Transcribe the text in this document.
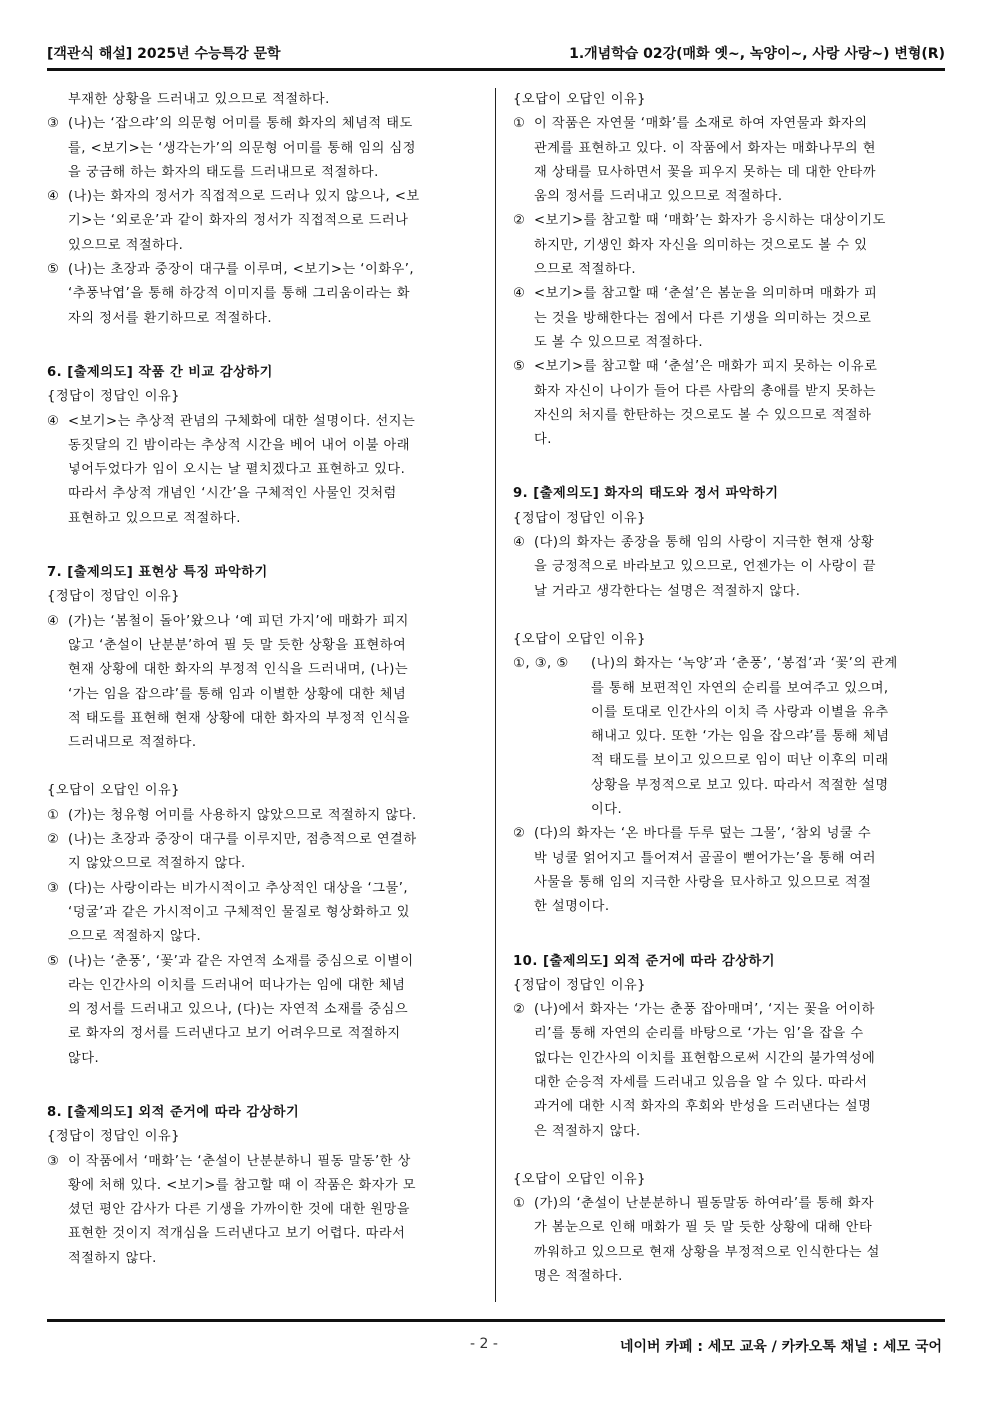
[객관식 해설] 2025년 수능특강 문학	1.개념학습 02강(매화 옛~, 녹양이~, 사랑 사랑~) 변형(R)
부재한 상황을 드러내고 있으므로 적절하다.
③ (나)는 ‘잡으랴’의 의문형 어미를 통해 화자의 체념적 태도
를, <보기>는 ‘생각는가’의 의문형 어미를 통해 임의 심정
을 궁금해 하는 화자의 태도를 드러내므로 적절하다.
④ (나)는 화자의 정서가 직접적으로 드러나 있지 않으나, <보
기>는 ‘외로운’과 같이 화자의 정서가 직접적으로 드러나
있으므로 적절하다.
⑤ (나)는 초장과 중장이 대구를 이루며, <보기>는 ‘이화우’,
‘추풍낙엽’을 통해 하강적 이미지를 통해 그리움이라는 화
자의 정서를 환기하므로 적절하다.
6. [출제의도] 작품 간 비교 감상하기
{정답이 정답인 이유}
④ <보기>는 추상적 관념의 구체화에 대한 설명이다. 선지는
동짓달의 긴 밤이라는 추상적 시간을 베어 내어 이불 아래
넣어두었다가 임이 오시는 날 펼치겠다고 표현하고 있다.
따라서 추상적 개념인 ‘시간’을 구체적인 사물인 것처럼
표현하고 있으므로 적절하다.
7. [출제의도] 표현상 특징 파악하기
{정답이 정답인 이유}
④ (가)는 ‘봄철이 돌아’왔으나 ‘예 피던 가지’에 매화가 피지
않고 ‘춘설이 난분분’하여 필 듯 말 듯한 상황을 표현하여
현재 상황에 대한 화자의 부정적 인식을 드러내며, (나)는
‘가는 임을 잡으랴’를 통해 임과 이별한 상황에 대한 체념
적 태도를 표현해 현재 상황에 대한 화자의 부정적 인식을
드러내므로 적절하다.
{오답이 오답인 이유}
① (가)는 청유형 어미를 사용하지 않았으므로 적절하지 않다.
② (나)는 초장과 중장이 대구를 이루지만, 점층적으로 연결하
지 않았으므로 적절하지 않다.
③ (다)는 사랑이라는 비가시적이고 추상적인 대상을 ‘그물’,
‘덩굴’과 같은 가시적이고 구체적인 물질로 형상화하고 있
으므로 적절하지 않다.
⑤ (나)는 ‘춘풍’, ‘꽃’과 같은 자연적 소재를 중심으로 이별이
라는 인간사의 이치를 드러내어 떠나가는 임에 대한 체념
의 정서를 드러내고 있으나, (다)는 자연적 소재를 중심으
로 화자의 정서를 드러낸다고 보기 어려우므로 적절하지
않다.
8. [출제의도] 외적 준거에 따라 감상하기
{정답이 정답인 이유}
③ 이 작품에서 ‘매화’는 ‘춘설이 난분분하니 필동 말동’한 상
황에 처해 있다. <보기>를 참고할 때 이 작품은 화자가 모
셨던 평안 감사가 다른 기생을 가까이한 것에 대한 원망을
표현한 것이지 적개심을 드러낸다고 보기 어렵다. 따라서
적절하지 않다.
{오답이 오답인 이유}
① 이 작품은 자연물 ‘매화’를 소재로 하여 자연물과 화자의
관계를 표현하고 있다. 이 작품에서 화자는 매화나무의 현
재 상태를 묘사하면서 꽃을 피우지 못하는 데 대한 안타까
움의 정서를 드러내고 있으므로 적절하다.
② <보기>를 참고할 때 ‘매화’는 화자가 응시하는 대상이기도
하지만, 기생인 화자 자신을 의미하는 것으로도 볼 수 있
으므로 적절하다.
④ <보기>를 참고할 때 ‘춘설’은 봄눈을 의미하며 매화가 피
는 것을 방해한다는 점에서 다른 기생을 의미하는 것으로
도 볼 수 있으므로 적절하다.
⑤ <보기>를 참고할 때 ‘춘설’은 매화가 피지 못하는 이유로
화자 자신이 나이가 들어 다른 사람의 총애를 받지 못하는
자신의 처지를 한탄하는 것으로도 볼 수 있으므로 적절하
다.
9. [출제의도] 화자의 태도와 정서 파악하기
{정답이 정답인 이유}
④ (다)의 화자는 종장을 통해 임의 사랑이 지극한 현재 상황
을 긍정적으로 바라보고 있으므로, 언젠가는 이 사랑이 끝
날 거라고 생각한다는 설명은 적절하지 않다.
{오답이 오답인 이유}
①, ③, ⑤ (나)의 화자는 ‘녹양’과 ‘춘풍’, ‘봉접’과 ‘꽃’의 관계
를 통해 보편적인 자연의 순리를 보여주고 있으며,
이를 토대로 인간사의 이치 즉 사랑과 이별을 유추
해내고 있다. 또한 ‘가는 임을 잡으랴’를 통해 체념
적 태도를 보이고 있으므로 임이 떠난 이후의 미래
상황을 부정적으로 보고 있다. 따라서 적절한 설명
이다.
② (다)의 화자는 ‘온 바다를 두루 덮는 그물’, ‘참외 넝쿨 수
박 넝쿨 얽어지고 틀어져서 골골이 뻗어가는’을 통해 여러
사물을 통해 임의 지극한 사랑을 묘사하고 있으므로 적절
한 설명이다.
10. [출제의도] 외적 준거에 따라 감상하기
{정답이 정답인 이유}
② (나)에서 화자는 ‘가는 춘풍 잡아매며’, ‘지는 꽃을 어이하
리’를 통해 자연의 순리를 바탕으로 ‘가는 임’을 잡을 수
없다는 인간사의 이치를 표현함으로써 시간의 불가역성에
대한 순응적 자세를 드러내고 있음을 알 수 있다. 따라서
과거에 대한 시적 화자의 후회와 반성을 드러낸다는 설명
은 적절하지 않다.
{오답이 오답인 이유}
① (가)의 ‘춘설이 난분분하니 필동말동 하여라’를 통해 화자
가 봄눈으로 인해 매화가 필 듯 말 듯한 상황에 대해 안타
까워하고 있으므로 현재 상황을 부정적으로 인식한다는 설
명은 적절하다.
- 2 -	네이버 카페 : 세모 교육 / 카카오톡 채널 : 세모 국어
